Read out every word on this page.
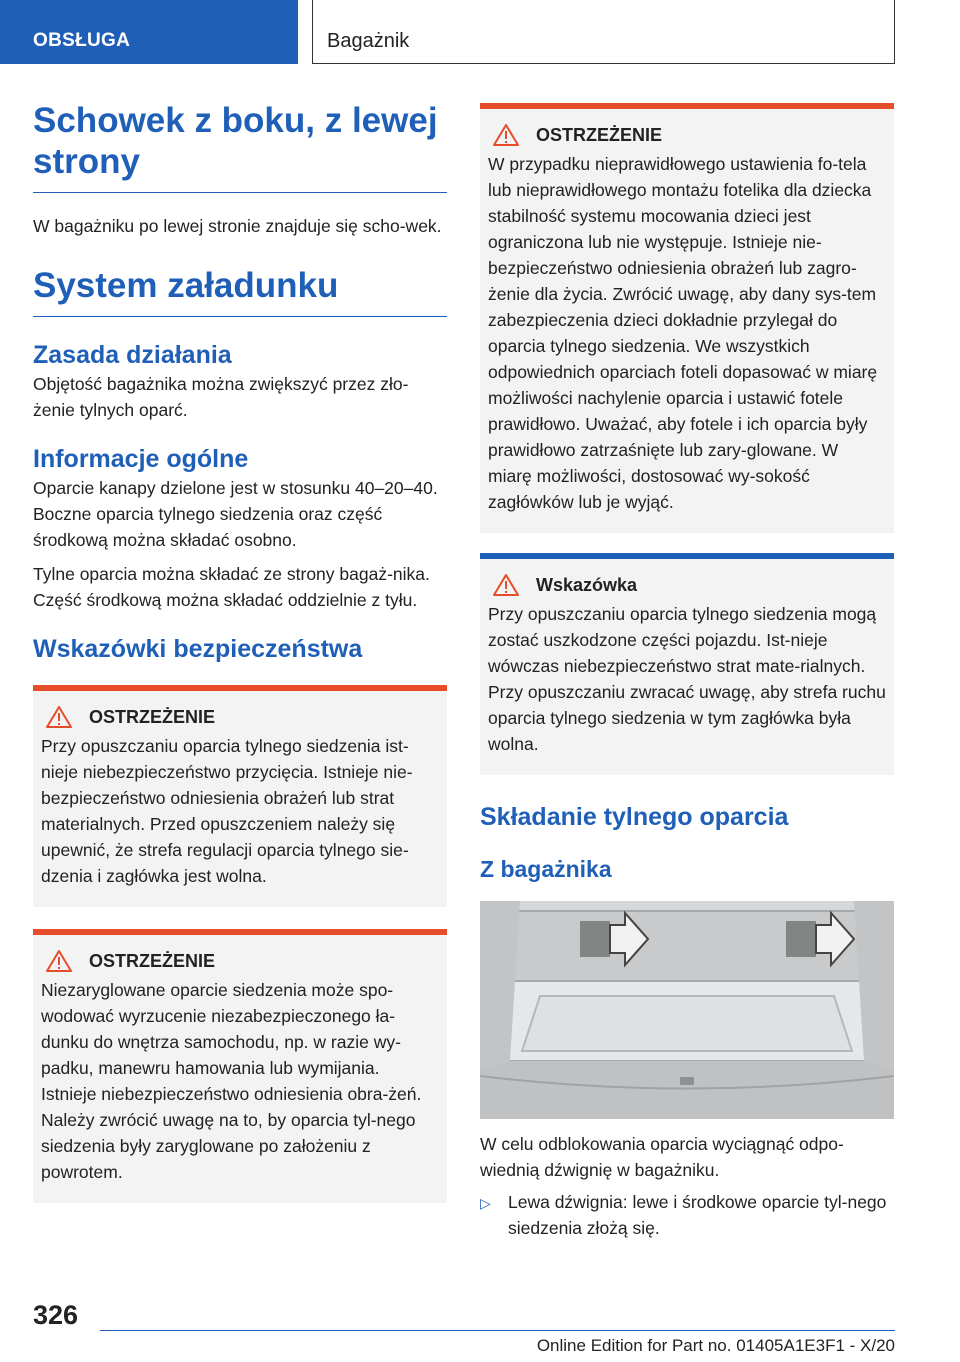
OBSŁUGA	Bagażnik
Schowek z boku, z lewej strony

W bagażniku po lewej stronie znajduje się scho‐wek.

System załadunku
Zasada działania

Objętość bagażnika można zwiększyć przez zło‐żenie tylnych oparć.

Informacje ogólne

Oparcie kanapy dzielone jest w stosunku 40–20–40. Boczne oparcia tylnego siedzenia oraz część środkową można składać osobno.

Tylne oparcia można składać ze strony bagaż‐nika. Część środkową można składać oddzielnie z tyłu.

Wskazówki bezpieczeństwa
OSTRZEŻENIE

Przy opuszczaniu oparcia tylnego siedzenia ist‐nieje niebezpieczeństwo przycięcia. Istnieje nie‐bezpieczeństwo odniesienia obrażeń lub strat materialnych. Przed opuszczeniem należy się upewnić, że strefa regulacji oparcia tylnego sie‐dzenia i zagłówka jest wolna.

OSTRZEŻENIE

Niezaryglowane oparcie siedzenia może spo‐wodować wyrzucenie niezabezpieczonego ła‐dunku do wnętrza samochodu, np. w razie wy‐padku, manewru hamowania lub wymijania. Istnieje niebezpieczeństwo odniesienia obra‐żeń. Należy zwrócić uwagę na to, by oparcia tyl‐nego siedzenia były zaryglowane po założeniu z powrotem.

OSTRZEŻENIE

W przypadku nieprawidłowego ustawienia fo‐tela lub nieprawidłowego montażu fotelika dla dziecka stabilność systemu mocowania dzieci jest ograniczona lub nie występuje. Istnieje nie‐bezpieczeństwo odniesienia obrażeń lub zagro‐żenie dla życia. Zwrócić uwagę, aby dany sys‐tem zabezpieczenia dzieci dokładnie przylegał do oparcia tylnego siedzenia. We wszystkich odpowiednich oparciach foteli dopasować w miarę możliwości nachylenie oparcia i ustawić fotele prawidłowo. Uważać, aby fotele i ich oparcia były prawidłowo zatrzaśnięte lub zary‐glowane. W miarę możliwości, dostosować wy‐sokość zagłówków lub je wyjąć.

Wskazówka

Przy opuszczaniu oparcia tylnego siedzenia mogą zostać uszkodzone części pojazdu. Ist‐nieje wówczas niebezpieczeństwo strat mate‐rialnych. Przy opuszczaniu zwracać uwagę, aby strefa ruchu oparcia tylnego siedzenia w tym zagłówka była wolna.

Składanie tylnego oparcia
Z bagażnika

W celu odblokowania oparcia wyciągnąć odpo‐wiednią dźwignię w bagażniku.

▷ Lewa dźwignia: lewe i środkowe oparcie tyl‐nego siedzenia złożą się.

326
Online Edition for Part no. 01405A1E3F1 - X/20
